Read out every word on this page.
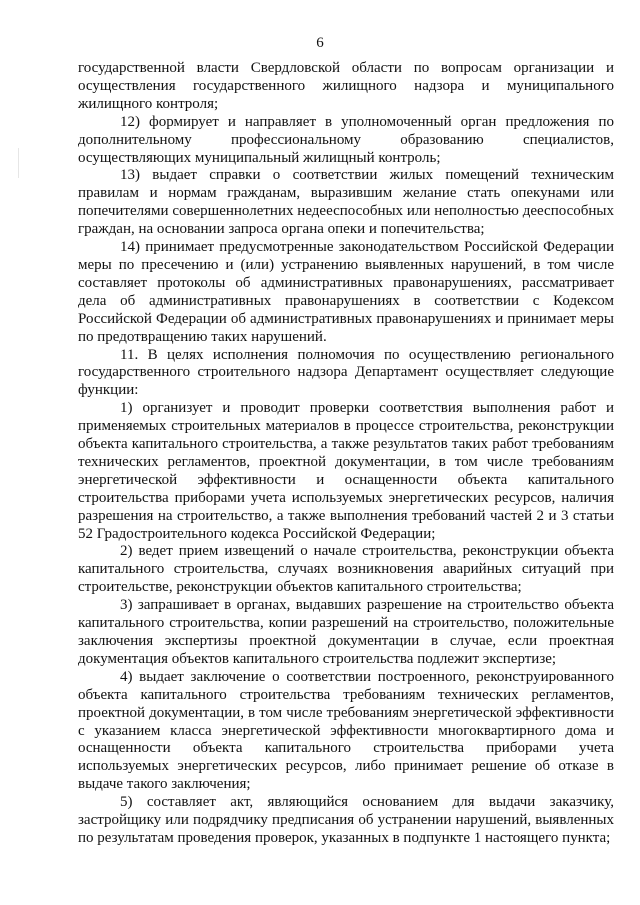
6

государственной власти Свердловской области по вопросам организации и осуществления государственного жилищного надзора и муниципального жилищного контроля;

12) формирует и направляет в уполномоченный орган предложения по дополнительному профессиональному образованию специалистов, осуществляющих муниципальный жилищный контроль;

13) выдает справки о соответствии жилых помещений техническим правилам и нормам гражданам, выразившим желание стать опекунами или попечителями совершеннолетних недееспособных или неполностью дееспособных граждан, на основании запроса органа опеки и попечительства;

14) принимает предусмотренные законодательством Российской Федерации меры по пресечению и (или) устранению выявленных нарушений, в том числе составляет протоколы об административных правонарушениях, рассматривает дела об административных правонарушениях в соответствии с Кодексом Российской Федерации об административных правонарушениях и принимает меры по предотвращению таких нарушений.

11. В целях исполнения полномочия по осуществлению регионального государственного строительного надзора Департамент осуществляет следующие функции:

1) организует и проводит проверки соответствия выполнения работ и применяемых строительных материалов в процессе строительства, реконструкции объекта капитального строительства, а также результатов таких работ требованиям технических регламентов, проектной документации, в том числе требованиям энергетической эффективности и оснащенности объекта капитального строительства приборами учета используемых энергетических ресурсов, наличия разрешения на строительство, а также выполнения требований частей 2 и 3 статьи 52 Градостроительного кодекса Российской Федерации;

2) ведет прием извещений о начале строительства, реконструкции объекта капитального строительства, случаях возникновения аварийных ситуаций при строительстве, реконструкции объектов капитального строительства;

3) запрашивает в органах, выдавших разрешение на строительство объекта капитального строительства, копии разрешений на строительство, положительные заключения экспертизы проектной документации в случае, если проектная документация объектов капитального строительства подлежит экспертизе;

4) выдает заключение о соответствии построенного, реконструированного объекта капитального строительства требованиям технических регламентов, проектной документации, в том числе требованиям энергетической эффективности с указанием класса энергетической эффективности многоквартирного дома и оснащенности объекта капитального строительства приборами учета используемых энергетических ресурсов, либо принимает решение об отказе в выдаче такого заключения;

5) составляет акт, являющийся основанием для выдачи заказчику, застройщику или подрядчику предписания об устранении нарушений, выявленных по результатам проведения проверок, указанных в подпункте 1 настоящего пункта;
